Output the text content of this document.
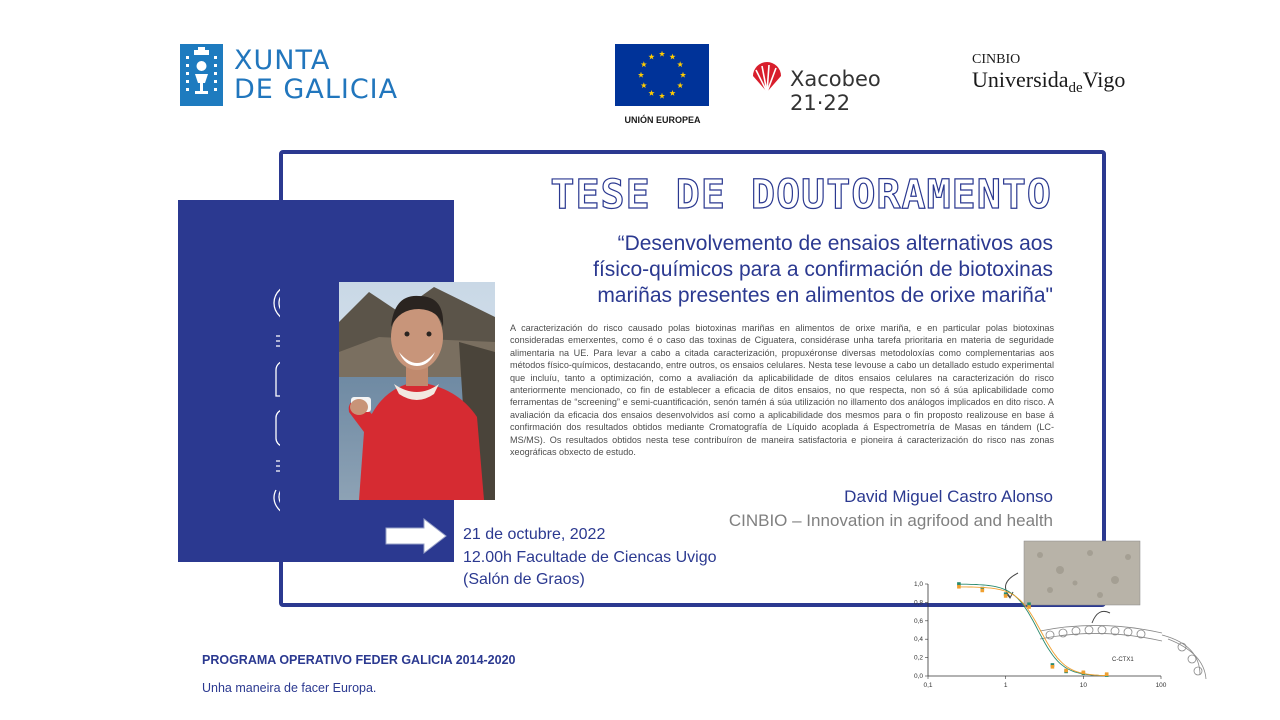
XUNTA
DE GALICIA
UNIÓN EUROPEA
Xacobeo 21·22
CINBIO
Universida$_{de}$Vigo
TESE DE DOUTORAMENTO
“Desenvolvemento de ensaios alternativos aos
físico-químicos para a confirmación de biotoxinas
mariñas presentes en alimentos de orixe mariña"
A caracterización do risco causado polas biotoxinas mariñas en alimentos de orixe mariña, e en particular polas biotoxinas consideradas emerxentes, como é o caso das toxinas de Ciguatera, considérase unha tarefa prioritaria en materia de seguridade alimentaria na UE. Para levar a cabo a citada caracterización, propuxéronse diversas metodoloxías como complementarias aos métodos físico-químicos, destacando, entre outros, os ensaios celulares. Nesta tese levouse a cabo un detallado estudo experimental que incluíu, tanto a optimización, como a avaliación da aplicabilidade de ditos ensaios celulares na caracterización do risco anteriormente mencionado, co fin de establecer a eficacia de ditos ensaios, no que respecta, non só á súa aplicabilidade como ferramentas de “screening” e semi-cuantificación, senón tamén á súa utilización no illamento dos análogos implicados en dito risco. A avaliación da eficacia dos ensaios desenvolvidos así como a aplicabilidade dos mesmos para o fin proposto realizouse en base á confirmación dos resultados obtidos mediante Cromatografía de Líquido acoplada á Espectrometría de Masas en tándem (LC-MS/MS). Os resultados obtidos nesta tese contribuíron de maneira satisfactoria e pioneira á caracterización do risco nas zonas xeográficas obxecto de estudo.
David Miguel Castro Alonso
CINBIO – Innovation in agrifood and health
21 de octubre, 2022
12.00h Facultade de Ciencas Uvigo
(Salón de Graos)
PROGRAMA OPERATIVO FEDER GALICIA 2014-2020
Unha maneira de facer Europa.
0,0
0,2
0,4
0,6
0,8
1,0
0,1	1	10	100
C-CTX1
